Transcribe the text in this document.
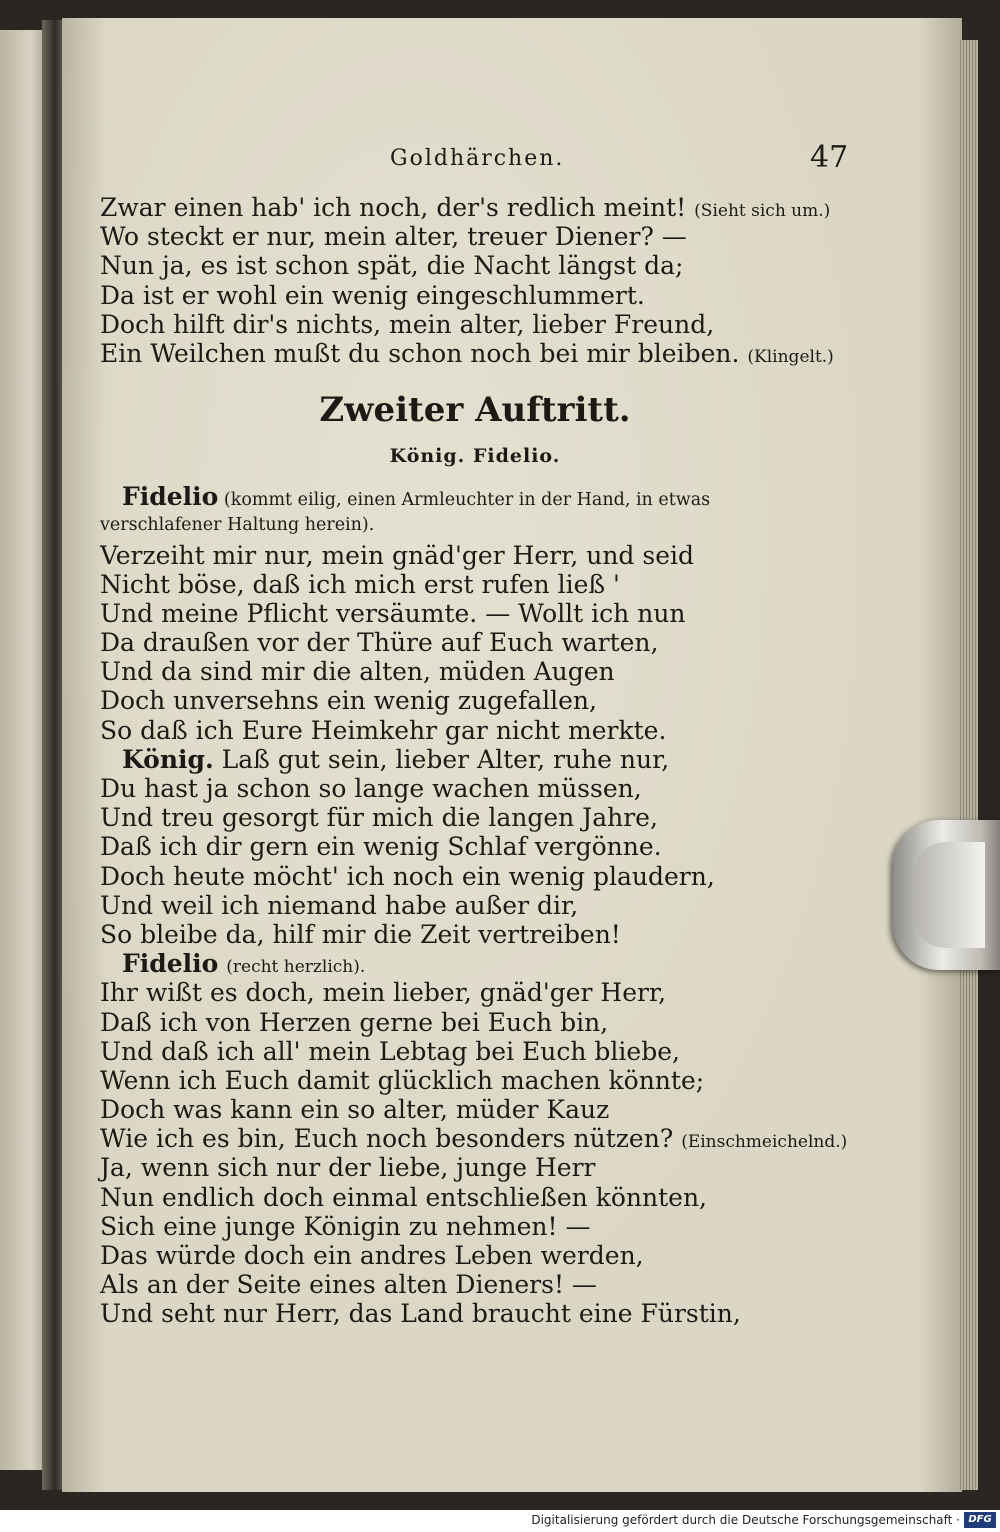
Goldhärchen.	47
Zwar einen hab' ich noch, der's redlich meint! (Sieht sich um.)
Wo steckt er nur, mein alter, treuer Diener? —
Nun ja, es ist schon spät, die Nacht längst da;
Da ist er wohl ein wenig eingeschlummert.
Doch hilft dir's nichts, mein alter, lieber Freund,
Ein Weilchen mußt du schon noch bei mir bleiben. (Klingelt.)
Zweiter Auftritt.
König. Fidelio.
Fidelio (kommt eilig, einen Armleuchter in der Hand, in etwas
verschlafener Haltung herein).
Verzeiht mir nur, mein gnäd'ger Herr, und seid
Nicht böse, daß ich mich erst rufen ließ '
Und meine Pflicht versäumte. — Wollt ich nun
Da draußen vor der Thüre auf Euch warten,
Und da sind mir die alten, müden Augen
Doch unversehns ein wenig zugefallen,
So daß ich Eure Heimkehr gar nicht merkte.
König. Laß gut sein, lieber Alter, ruhe nur,
Du hast ja schon so lange wachen müssen,
Und treu gesorgt für mich die langen Jahre,
Daß ich dir gern ein wenig Schlaf vergönne.
Doch heute möcht' ich noch ein wenig plaudern,
Und weil ich niemand habe außer dir,
So bleibe da, hilf mir die Zeit vertreiben!
Fidelio (recht herzlich).
Ihr wißt es doch, mein lieber, gnäd'ger Herr,
Daß ich von Herzen gerne bei Euch bin,
Und daß ich all' mein Lebtag bei Euch bliebe,
Wenn ich Euch damit glücklich machen könnte;
Doch was kann ein so alter, müder Kauz
Wie ich es bin, Euch noch besonders nützen? (Einschmeichelnd.)
Ja, wenn sich nur der liebe, junge Herr
Nun endlich doch einmal entschließen könnten,
Sich eine junge Königin zu nehmen! —
Das würde doch ein andres Leben werden,
Als an der Seite eines alten Dieners! —
Und seht nur Herr, das Land braucht eine Fürstin,
Digitalisierung gefördert durch die Deutsche Forschungsgemeinschaft · DFG
